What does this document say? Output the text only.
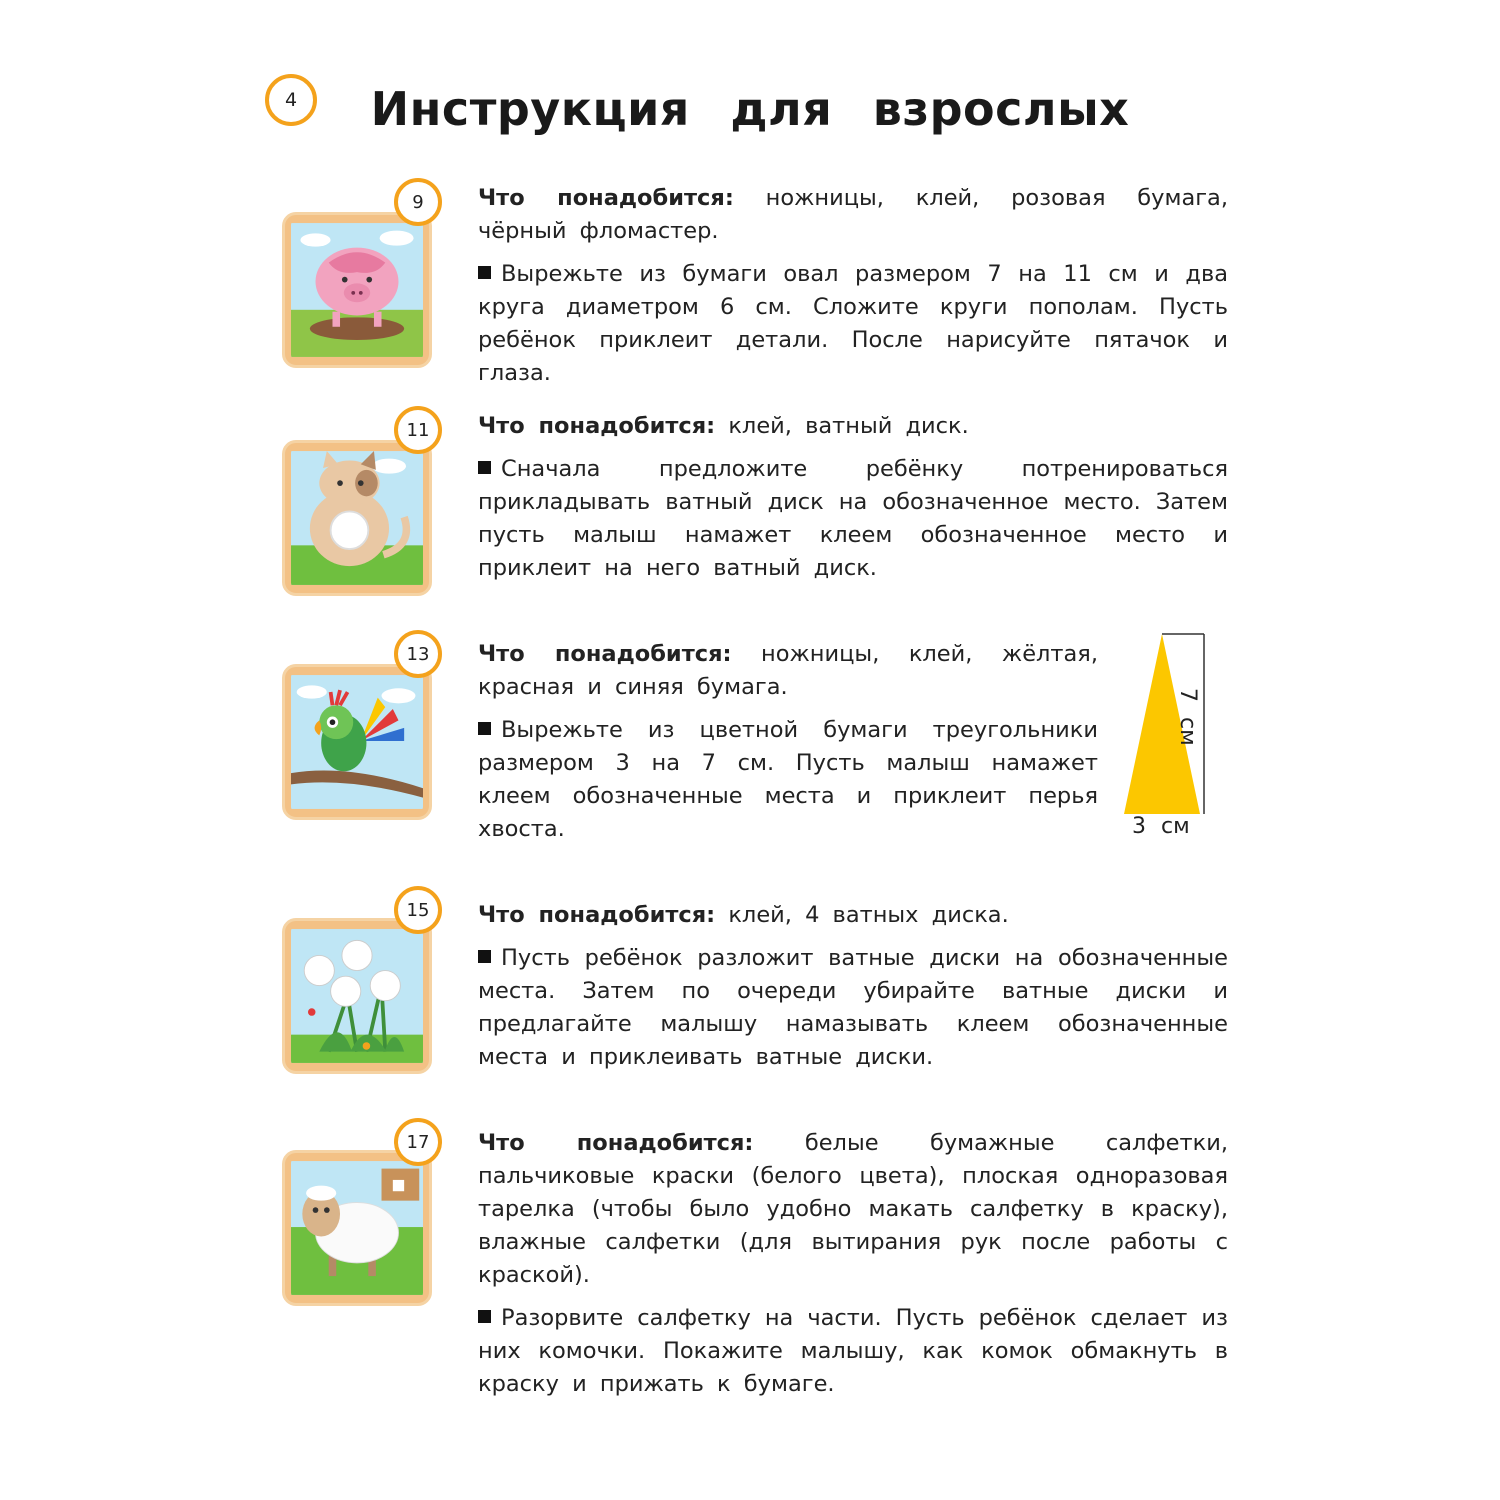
4	Инструкция для взрослых
9	Что понадобится: ножницы, клей, розовая бумага, чёрный фломастер.

Вырежьте из бумаги овал размером 7 на 11 см и два круга диаметром 6 см. Сложите круги пополам. Пусть ребёнок приклеит детали. После нарисуйте пятачок и глаза.

11	Что понадобится: клей, ватный диск.

Сначала предложите ребёнку потренироваться прикладывать ватный диск на обозначенное место. Затем пусть малыш намажет клеем обозначенное место и приклеит на него ватный диск.

13	Что понадобится: ножницы, клей, жёлтая, красная и синяя бумага.

Вырежьте из цветной бумаги треугольники размером 3 на 7 см. Пусть малыш намажет клеем обозначенные места и приклеит перья хвоста.

7 см
3 см
15	Что понадобится: клей, 4 ватных диска.

Пусть ребёнок разложит ватные диски на обозначенные места. Затем по очереди убирайте ватные диски и предлагайте малышу намазывать клеем обозначенные места и приклеивать ватные диски.

17	Что понадобится: белые бумажные салфетки, пальчиковые краски (белого цвета), плоская одноразовая тарелка (чтобы было удобно макать салфетку в краску), влажные салфетки (для вытирания рук после работы с краской).

Разорвите салфетку на части. Пусть ребёнок сделает из них комочки. Покажите малышу, как комок обмакнуть в краску и прижать к бумаге.
